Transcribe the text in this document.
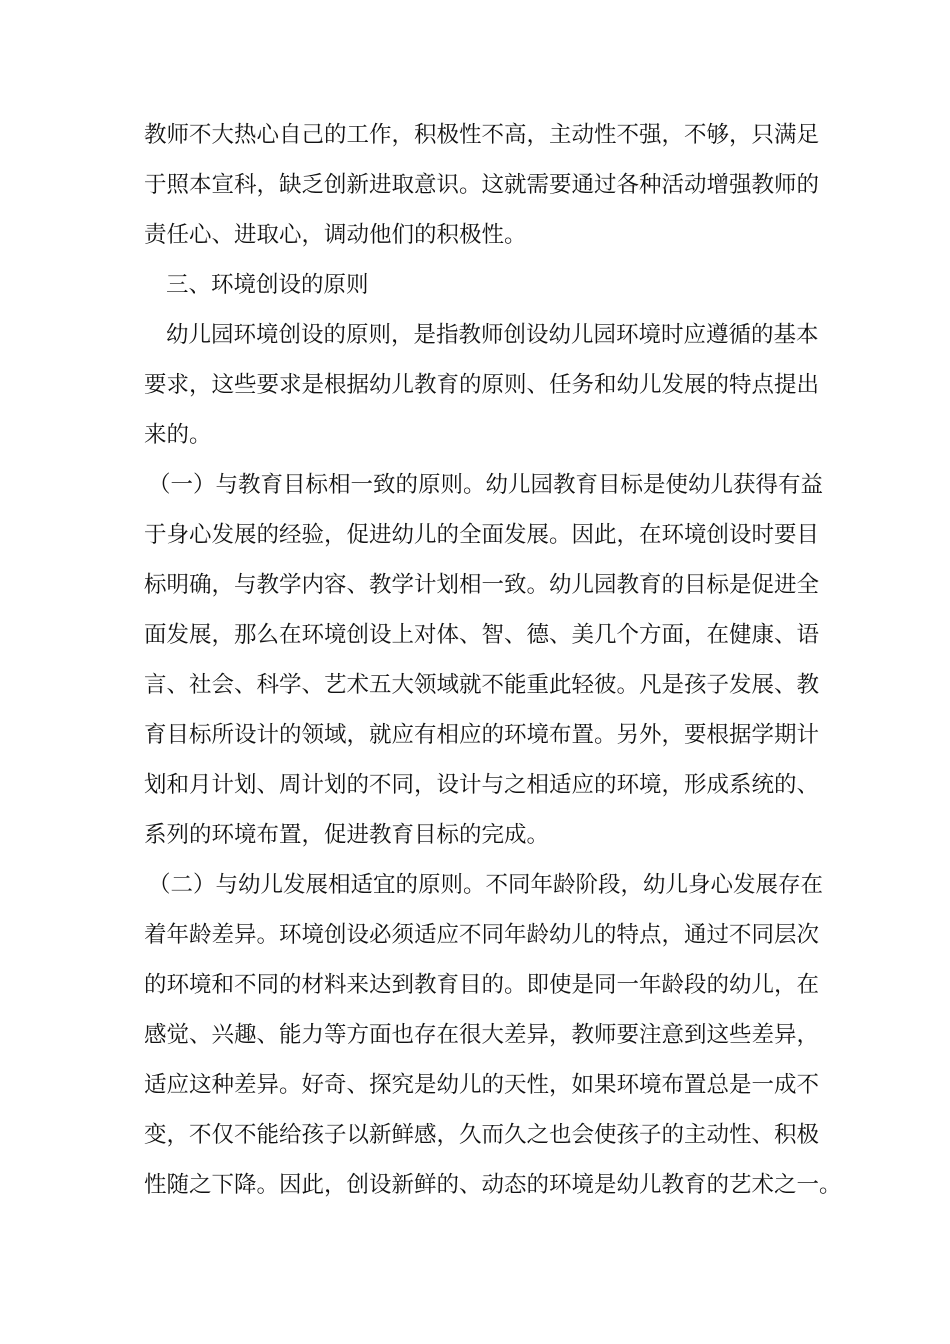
教师不大热心自己的工作，积极性不高，主动性不强，不够，只满足
于照本宣科，缺乏创新进取意识。这就需要通过各种活动增强教师的
责任心、进取心，调动他们的积极性。
三、环境创设的原则
幼儿园环境创设的原则，是指教师创设幼儿园环境时应遵循的基本
要求，这些要求是根据幼儿教育的原则、任务和幼儿发展的特点提出
来的。
（一）与教育目标相一致的原则。幼儿园教育目标是使幼儿获得有益
于身心发展的经验，促进幼儿的全面发展。因此，在环境创设时要目
标明确，与教学内容、教学计划相一致。幼儿园教育的目标是促进全
面发展，那么在环境创设上对体、智、德、美几个方面，在健康、语
言、社会、科学、艺术五大领域就不能重此轻彼。凡是孩子发展、教
育目标所设计的领域，就应有相应的环境布置。另外，要根据学期计
划和月计划、周计划的不同，设计与之相适应的环境，形成系统的、
系列的环境布置，促进教育目标的完成。
（二）与幼儿发展相适宜的原则。不同年龄阶段，幼儿身心发展存在
着年龄差异。环境创设必须适应不同年龄幼儿的特点，通过不同层次
的环境和不同的材料来达到教育目的。即使是同一年龄段的幼儿，在
感觉、兴趣、能力等方面也存在很大差异，教师要注意到这些差异，
适应这种差异。好奇、探究是幼儿的天性，如果环境布置总是一成不
变，不仅不能给孩子以新鲜感，久而久之也会使孩子的主动性、积极
性随之下降。因此，创设新鲜的、动态的环境是幼儿教育的艺术之一。
